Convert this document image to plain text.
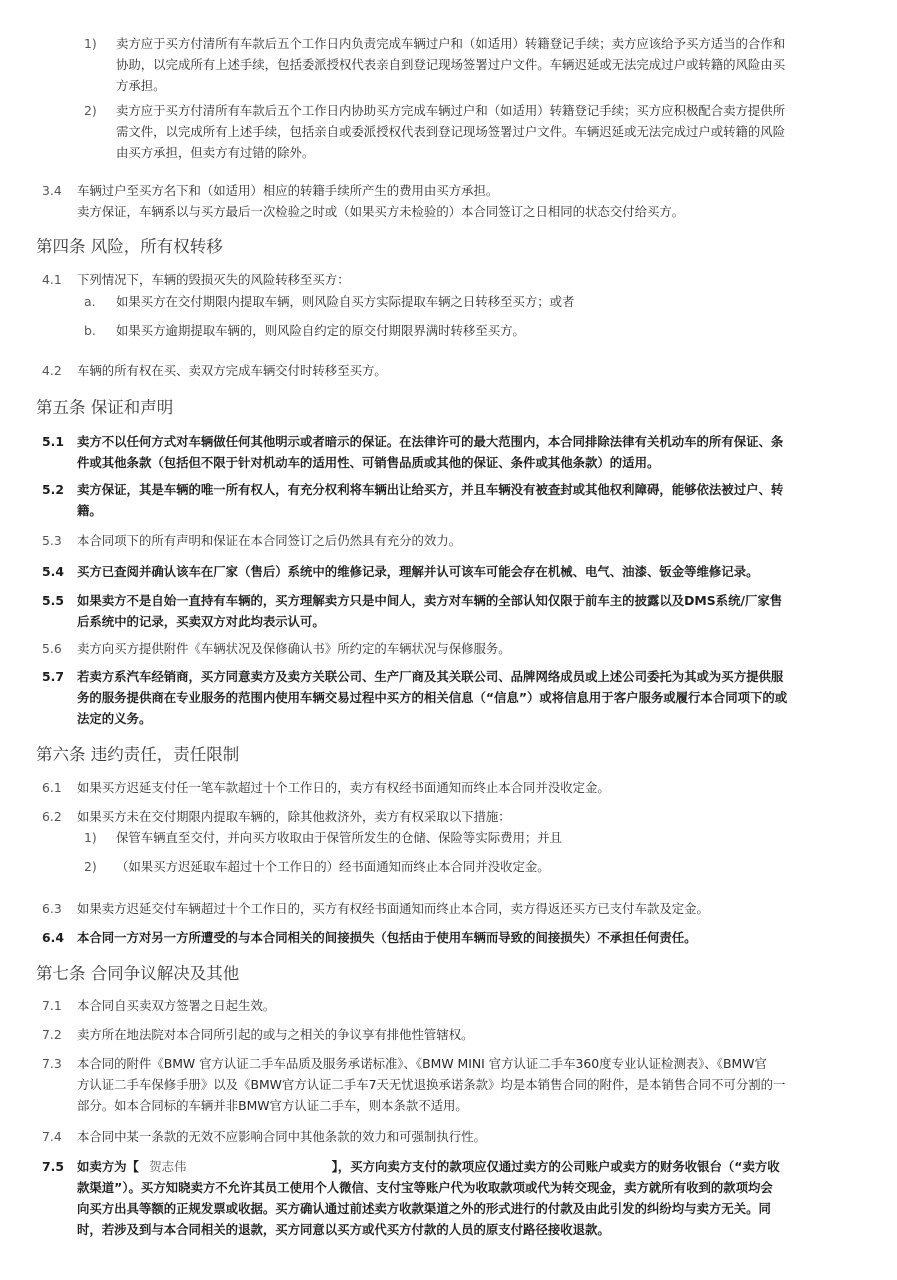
1) 卖方应于买方付清所有车款后五个工作日内负责完成车辆过户和（如适用）转籍登记手续；卖方应该给予买方适当的合作和
协助，以完成所有上述手续，包括委派授权代表亲自到登记现场签署过户文件。车辆迟延或无法完成过户或转籍的风险由买
方承担。
2) 卖方应于买方付清所有车款后五个工作日内协助买方完成车辆过户和（如适用）转籍登记手续；买方应积极配合卖方提供所
需文件，以完成所有上述手续，包括亲自或委派授权代表到登记现场签署过户文件。车辆迟延或无法完成过户或转籍的风险
由买方承担，但卖方有过错的除外。
3.4 车辆过户至买方名下和（如适用）相应的转籍手续所产生的费用由买方承担。
卖方保证，车辆系以与买方最后一次检验之时或（如果买方未检验的）本合同签订之日相同的状态交付给买方。
第四条 风险，所有权转移
4.1 下列情况下，车辆的毁损灭失的风险转移至买方：
a. 如果买方在交付期限内提取车辆，则风险自买方实际提取车辆之日转移至买方；或者
b. 如果买方逾期提取车辆的，则风险自约定的原交付期限界满时转移至买方。
4.2 车辆的所有权在买、卖双方完成车辆交付时转移至买方。
第五条 保证和声明
5.1 卖方不以任何方式对车辆做任何其他明示或者暗示的保证。在法律许可的最大范围内，本合同排除法律有关机动车的所有保证、条
件或其他条款（包括但不限于针对机动车的适用性、可销售品质或其他的保证、条件或其他条款）的适用。
5.2 卖方保证，其是车辆的唯一所有权人，有充分权利将车辆出让给买方，并且车辆没有被查封或其他权利障碍，能够依法被过户、转
籍。
5.3 本合同项下的所有声明和保证在本合同签订之后仍然具有充分的效力。
5.4 买方已查阅并确认该车在厂家（售后）系统中的维修记录，理解并认可该车可能会存在机械、电气、油漆、钣金等维修记录。
5.5 如果卖方不是自始一直持有车辆的，买方理解卖方只是中间人，卖方对车辆的全部认知仅限于前车主的披露以及DMS系统/厂家售
后系统中的记录，买卖双方对此均表示认可。
5.6 卖方向买方提供附件《车辆状况及保修确认书》所约定的车辆状况与保修服务。
5.7 若卖方系汽车经销商，买方同意卖方及卖方关联公司、生产厂商及其关联公司、品牌网络成员或上述公司委托为其或为买方提供服
务的服务提供商在专业服务的范围内使用车辆交易过程中买方的相关信息（“信息”）或将信息用于客户服务或履行本合同项下的或
法定的义务。
第六条 违约责任，责任限制
6.1 如果买方迟延支付任一笔车款超过十个工作日的，卖方有权经书面通知而终止本合同并没收定金。
6.2 如果买方未在交付期限内提取车辆的，除其他救济外，卖方有权采取以下措施：
1) 保管车辆直至交付，并向买方收取由于保管所发生的仓储、保险等实际费用；并且
2) （如果买方迟延取车超过十个工作日的）经书面通知而终止本合同并没收定金。
6.3 如果卖方迟延交付车辆超过十个工作日的，买方有权经书面通知而终止本合同，卖方得返还买方已支付车款及定金。
6.4 本合同一方对另一方所遭受的与本合同相关的间接损失（包括由于使用车辆而导致的间接损失）不承担任何责任。
第七条 合同争议解决及其他
7.1 本合同自买卖双方签署之日起生效。
7.2 卖方所在地法院对本合同所引起的或与之相关的争议享有排他性管辖权。
7.3 本合同的附件《BMW 官方认证二手车品质及服务承诺标准》、《BMW MINI 官方认证二手车360度专业认证检测表》、《BMW官
方认证二手车保修手册》以及《BMW官方认证二手车7天无忧退换承诺条款》均是本销售合同的附件，是本销售合同不可分割的一
部分。如本合同标的车辆并非BMW官方认证二手车，则本条款不适用。
7.4 本合同中某一条款的无效不应影响合同中其他条款的效力和可强制执行性。
7.5 如卖方为【 贺志伟	】，买方向卖方支付的款项应仅通过卖方的公司账户或卖方的财务收银台（“卖方收
款渠道”）。买方知晓卖方不允许其员工使用个人微信、支付宝等账户代为收取款项或代为转交现金，卖方就所有收到的款项均会
向买方出具等额的正规发票或收据。买方确认通过前述卖方收款渠道之外的形式进行的付款及由此引发的纠纷均与卖方无关。同
时，若涉及到与本合同相关的退款，买方同意以买方或代买方付款的人员的原支付路径接收退款。
